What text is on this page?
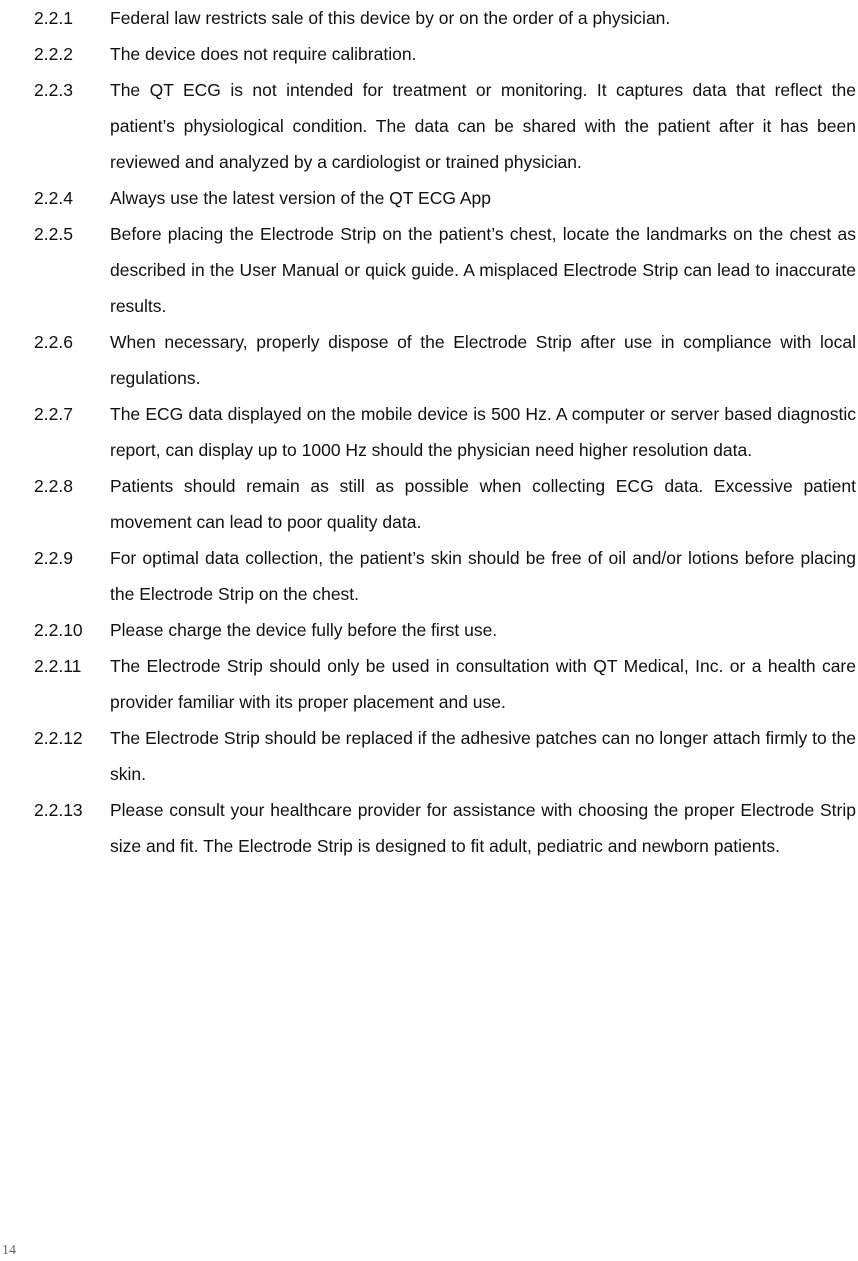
2.2.1	Federal law restricts sale of this device by or on the order of a physician.
2.2.2	The device does not require calibration.
2.2.3	The QT ECG is not intended for treatment or monitoring. It captures data that reflect the patient’s physiological condition. The data can be shared with the patient after it has been reviewed and analyzed by a cardiologist or trained physician.
2.2.4	Always use the latest version of the QT ECG App
2.2.5	Before placing the Electrode Strip on the patient’s chest, locate the landmarks on the chest as described in the User Manual or quick guide. A misplaced Electrode Strip can lead to inaccurate results.
2.2.6	When necessary, properly dispose of the Electrode Strip after use in compliance with local regulations.
2.2.7	The ECG data displayed on the mobile device is 500 Hz. A computer or server based diagnostic report, can display up to 1000 Hz should the physician need higher resolution data.
2.2.8	Patients should remain as still as possible when collecting ECG data. Excessive patient movement can lead to poor quality data.
2.2.9	For optimal data collection, the patient’s skin should be free of oil and/or lotions before placing the Electrode Strip on the chest.
2.2.10	Please charge the device fully before the first use.
2.2.11	The Electrode Strip should only be used in consultation with QT Medical, Inc. or a health care provider familiar with its proper placement and use.
2.2.12	The Electrode Strip should be replaced if the adhesive patches can no longer attach firmly to the skin.
2.2.13	Please consult your healthcare provider for assistance with choosing the proper Electrode Strip size and fit. The Electrode Strip is designed to fit adult, pediatric and newborn patients.
14
